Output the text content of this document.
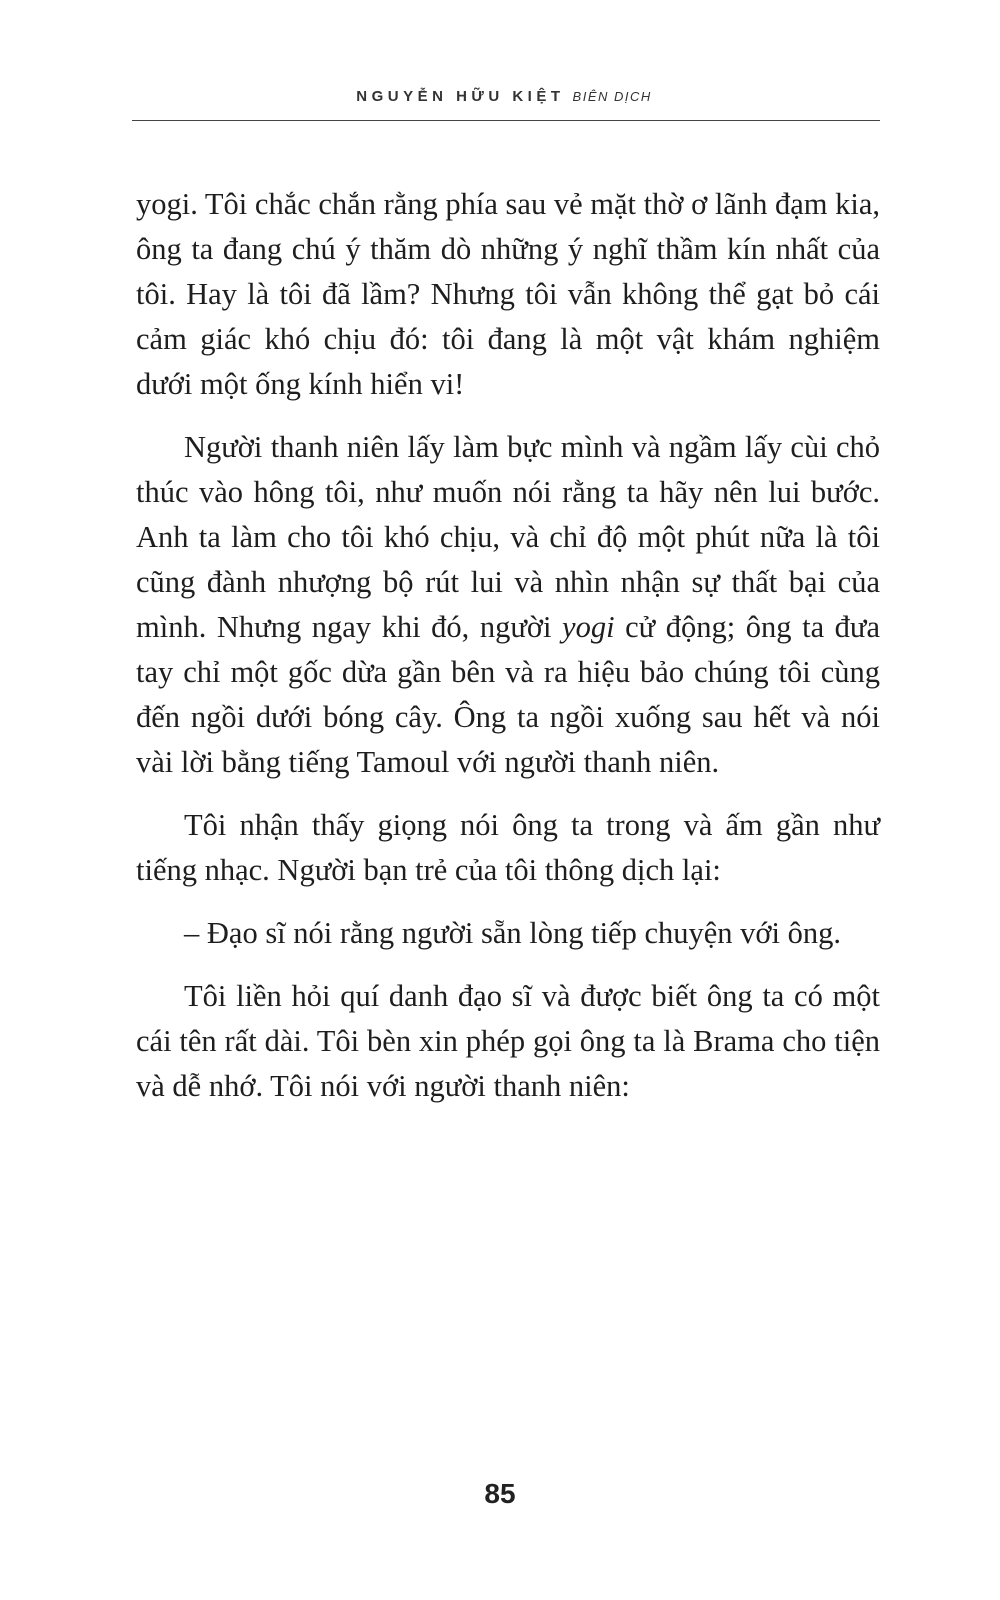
NGUYỄN HỮU KIỆT BIÊN DỊCH

yogi. Tôi chắc chắn rằng phía sau vẻ mặt thờ ơ lãnh đạm kia, ông ta đang chú ý thăm dò những ý nghĩ thầm kín nhất của tôi. Hay là tôi đã lầm? Nhưng tôi vẫn không thể gạt bỏ cái cảm giác khó chịu đó: tôi đang là một vật khám nghiệm dưới một ống kính hiển vi!

Người thanh niên lấy làm bực mình và ngầm lấy cùi chỏ thúc vào hông tôi, như muốn nói rằng ta hãy nên lui bước. Anh ta làm cho tôi khó chịu, và chỉ độ một phút nữa là tôi cũng đành nhượng bộ rút lui và nhìn nhận sự thất bại của mình. Nhưng ngay khi đó, người yogi cử động; ông ta đưa tay chỉ một gốc dừa gần bên và ra hiệu bảo chúng tôi cùng đến ngồi dưới bóng cây. Ông ta ngồi xuống sau hết và nói vài lời bằng tiếng Tamoul với người thanh niên.

Tôi nhận thấy giọng nói ông ta trong và ấm gần như tiếng nhạc. Người bạn trẻ của tôi thông dịch lại:

– Đạo sĩ nói rằng người sẵn lòng tiếp chuyện với ông.

Tôi liền hỏi quí danh đạo sĩ và được biết ông ta có một cái tên rất dài. Tôi bèn xin phép gọi ông ta là Brama cho tiện và dễ nhớ. Tôi nói với người thanh niên:

85
